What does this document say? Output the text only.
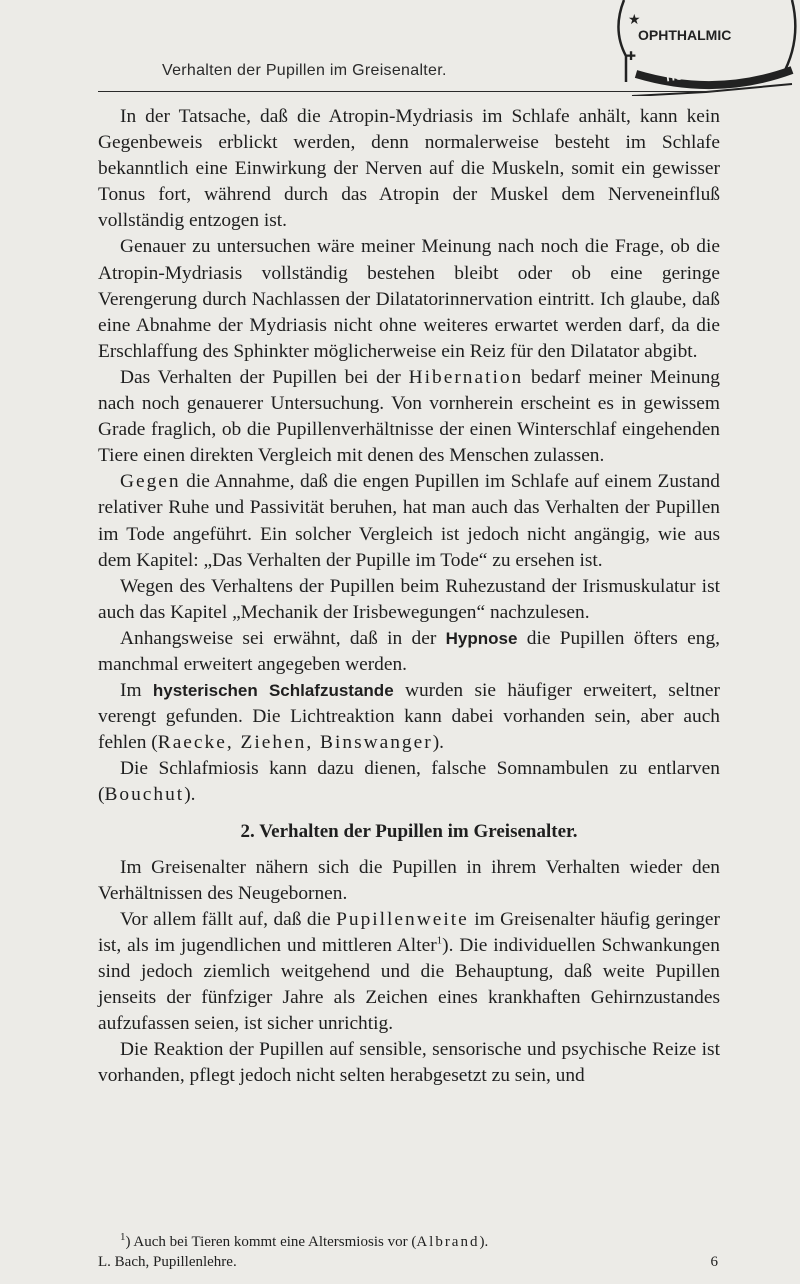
Verhalten der Pupillen im Greisenalter.
OPHTHALMIC
HOSPITAL
★
✚

In der Tatsache, daß die Atropin-Mydriasis im Schlafe anhält, kann kein Gegenbeweis erblickt werden, denn normalerweise besteht im Schlafe bekanntlich eine Einwirkung der Nerven auf die Muskeln, somit ein gewisser Tonus fort, während durch das Atropin der Muskel dem Nerveneinfluß vollständig entzogen ist.

Genauer zu untersuchen wäre meiner Meinung nach noch die Frage, ob die Atropin-Mydriasis vollständig bestehen bleibt oder ob eine geringe Verengerung durch Nachlassen der Dilatatorinnervation eintritt. Ich glaube, daß eine Abnahme der Mydriasis nicht ohne weiteres erwartet werden darf, da die Erschlaffung des Sphinkter möglicherweise ein Reiz für den Dilatator abgibt.

Das Verhalten der Pupillen bei der Hibernation bedarf meiner Meinung nach noch genauerer Untersuchung. Von vornherein erscheint es in gewissem Grade fraglich, ob die Pupillenverhältnisse der einen Winterschlaf eingehenden Tiere einen direkten Vergleich mit denen des Menschen zulassen.

Gegen die Annahme, daß die engen Pupillen im Schlafe auf einem Zustand relativer Ruhe und Passivität beruhen, hat man auch das Verhalten der Pupillen im Tode angeführt. Ein solcher Vergleich ist jedoch nicht angängig, wie aus dem Kapitel: „Das Verhalten der Pupille im Tode“ zu ersehen ist.

Wegen des Verhaltens der Pupillen beim Ruhezustand der Irismuskulatur ist auch das Kapitel „Mechanik der Irisbewegungen“ nachzulesen.

Anhangsweise sei erwähnt, daß in der Hypnose die Pupillen öfters eng, manchmal erweitert angegeben werden.

Im hysterischen Schlafzustande wurden sie häufiger erweitert, seltner verengt gefunden. Die Lichtreaktion kann dabei vorhanden sein, aber auch fehlen (Raecke, Ziehen, Binswanger).

Die Schlafmiosis kann dazu dienen, falsche Somnambulen zu entlarven (Bouchut).

2. Verhalten der Pupillen im Greisenalter.

Im Greisenalter nähern sich die Pupillen in ihrem Verhalten wieder den Verhältnissen des Neugebornen.

Vor allem fällt auf, daß die Pupillenweite im Greisenalter häufig geringer ist, als im jugendlichen und mittleren Alter$^1$). Die individuellen Schwankungen sind jedoch ziemlich weitgehend und die Behauptung, daß weite Pupillen jenseits der fünfziger Jahre als Zeichen eines krankhaften Gehirnzustandes aufzufassen seien, ist sicher unrichtig.

Die Reaktion der Pupillen auf sensible, sensorische und psychische Reize ist vorhanden, pflegt jedoch nicht selten herabgesetzt zu sein, und

$^1$) Auch bei Tieren kommt eine Altersmiosis vor (Albrand).
L. Bach, Pupillenlehre.	6
